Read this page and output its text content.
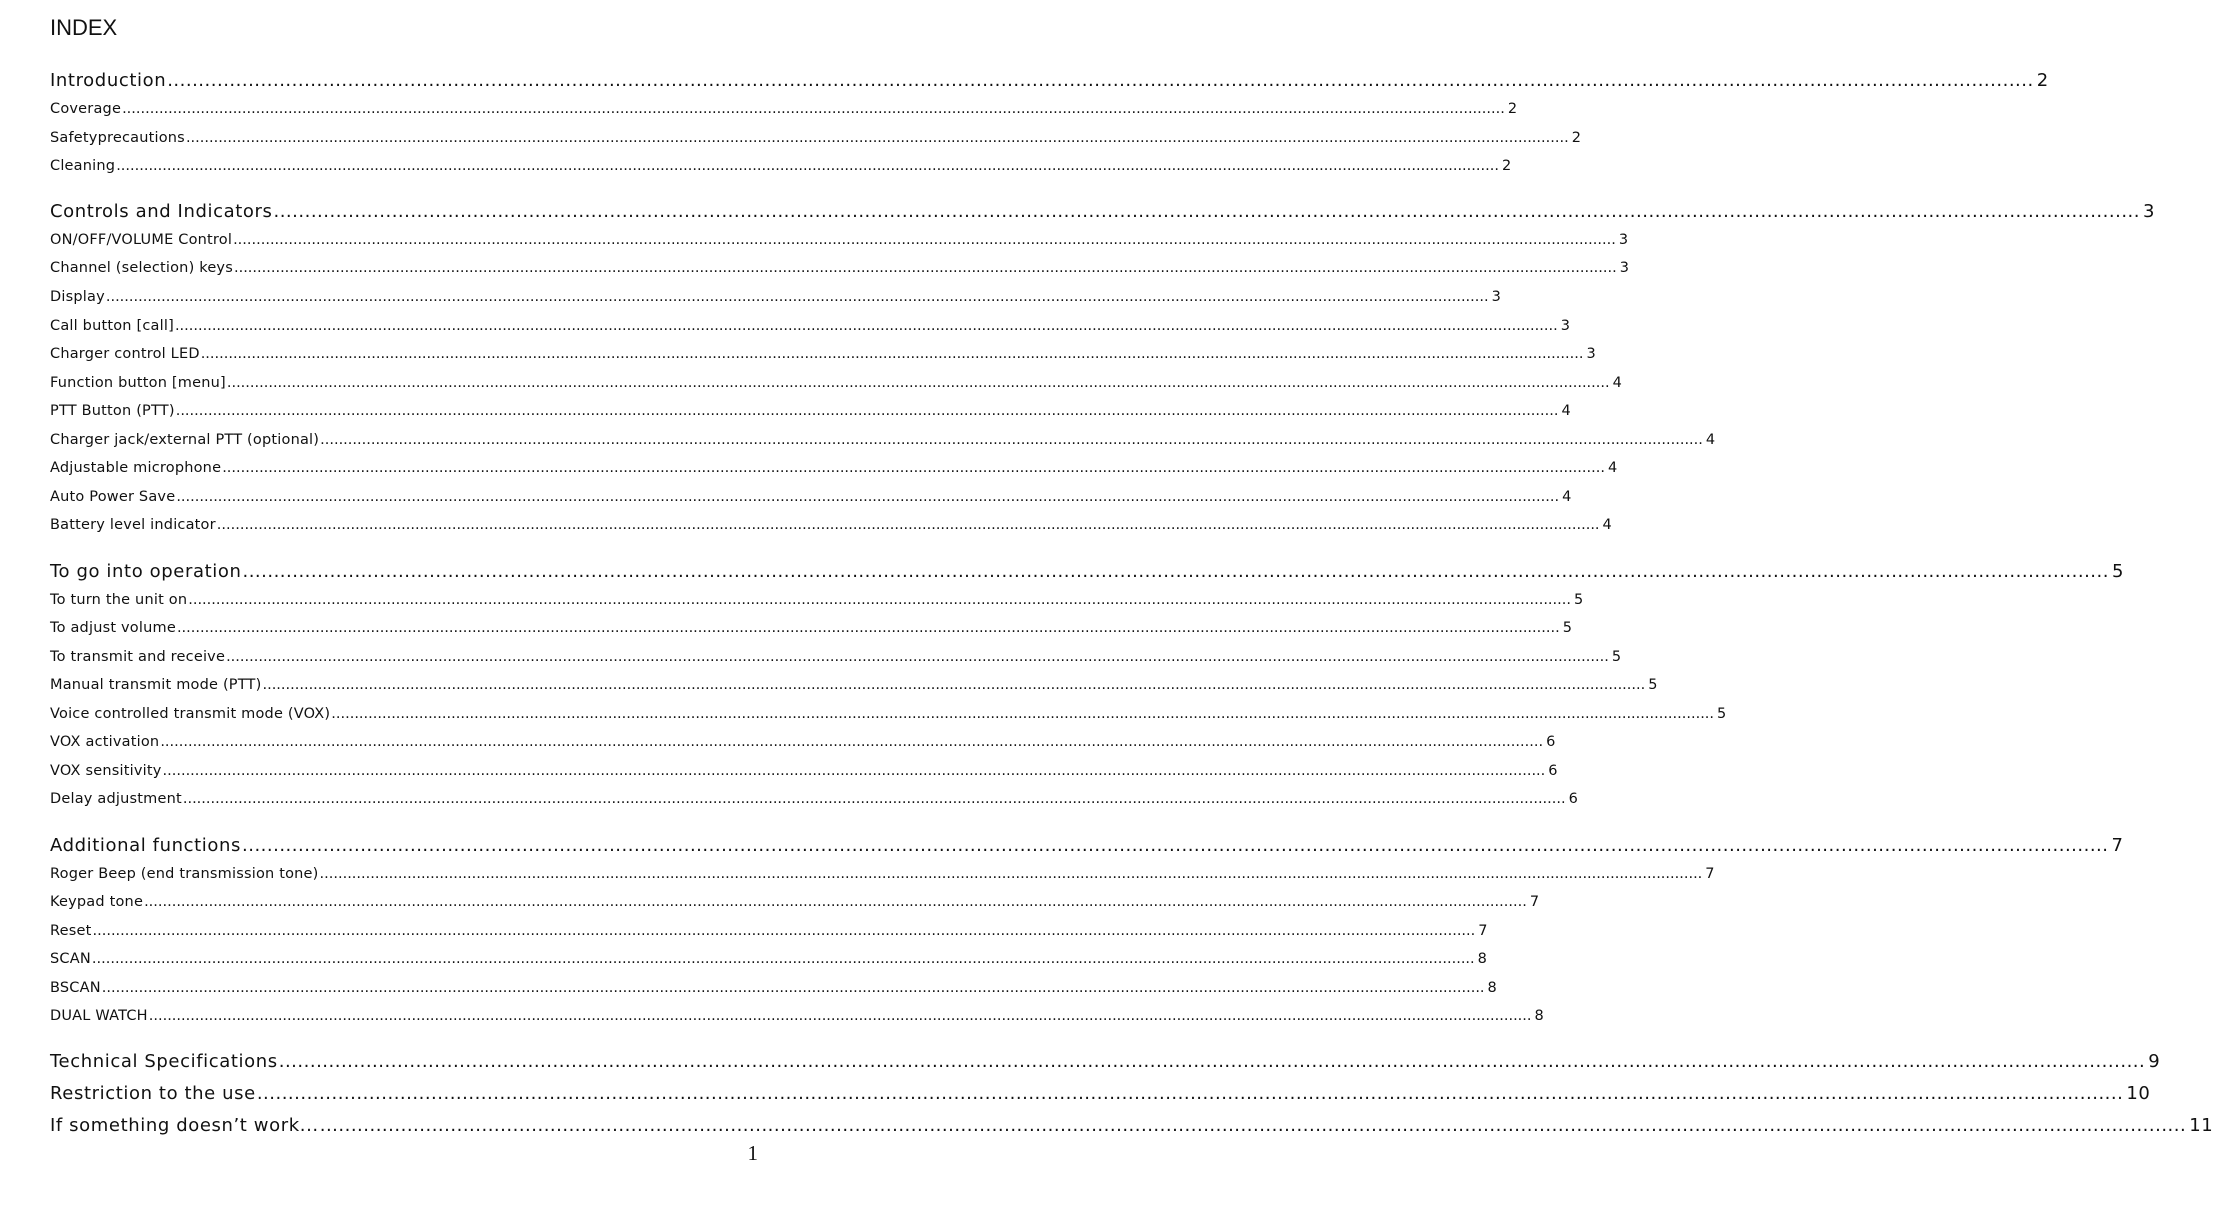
INDEX
Introduction ............................................................................................................................................................................................................................................................................................................ 2
Coverage ............................................................................................................................................................................................................................................................................................................ 2
Safetyprecautions ............................................................................................................................................................................................................................................................................................................ 2
Cleaning ............................................................................................................................................................................................................................................................................................................ 2
Controls and Indicators ............................................................................................................................................................................................................................................................................................................ 3
ON/OFF/VOLUME Control ............................................................................................................................................................................................................................................................................................................ 3
Channel (selection) keys ............................................................................................................................................................................................................................................................................................................ 3
Display ............................................................................................................................................................................................................................................................................................................ 3
Call button [call] ............................................................................................................................................................................................................................................................................................................ 3
Charger control LED ............................................................................................................................................................................................................................................................................................................ 3
Function button [menu] ............................................................................................................................................................................................................................................................................................................ 4
PTT Button (PTT) ............................................................................................................................................................................................................................................................................................................ 4
Charger jack/external PTT (optional) ............................................................................................................................................................................................................................................................................................................ 4
Adjustable microphone ............................................................................................................................................................................................................................................................................................................ 4
Auto Power Save ............................................................................................................................................................................................................................................................................................................ 4
Battery level indicator ............................................................................................................................................................................................................................................................................................................ 4
To go into operation ............................................................................................................................................................................................................................................................................................................ 5
To turn the unit on ............................................................................................................................................................................................................................................................................................................ 5
To adjust volume ............................................................................................................................................................................................................................................................................................................ 5
To transmit and receive ............................................................................................................................................................................................................................................................................................................ 5
Manual transmit mode (PTT) ............................................................................................................................................................................................................................................................................................................ 5
Voice controlled transmit mode (VOX) ............................................................................................................................................................................................................................................................................................................ 5
VOX activation ............................................................................................................................................................................................................................................................................................................ 6
VOX sensitivity ............................................................................................................................................................................................................................................................................................................ 6
Delay adjustment ............................................................................................................................................................................................................................................................................................................ 6
Additional functions ............................................................................................................................................................................................................................................................................................................ 7
Roger Beep (end transmission tone) ............................................................................................................................................................................................................................................................................................................ 7
Keypad tone ............................................................................................................................................................................................................................................................................................................ 7
Reset ............................................................................................................................................................................................................................................................................................................ 7
SCAN ............................................................................................................................................................................................................................................................................................................ 8
BSCAN ............................................................................................................................................................................................................................................................................................................ 8
DUAL WATCH ............................................................................................................................................................................................................................................................................................................ 8
Technical Specifications ............................................................................................................................................................................................................................................................................................................ 9
Restriction to the use ............................................................................................................................................................................................................................................................................................................ 10
If something doesn’t work... ............................................................................................................................................................................................................................................................................................................ 11
1
